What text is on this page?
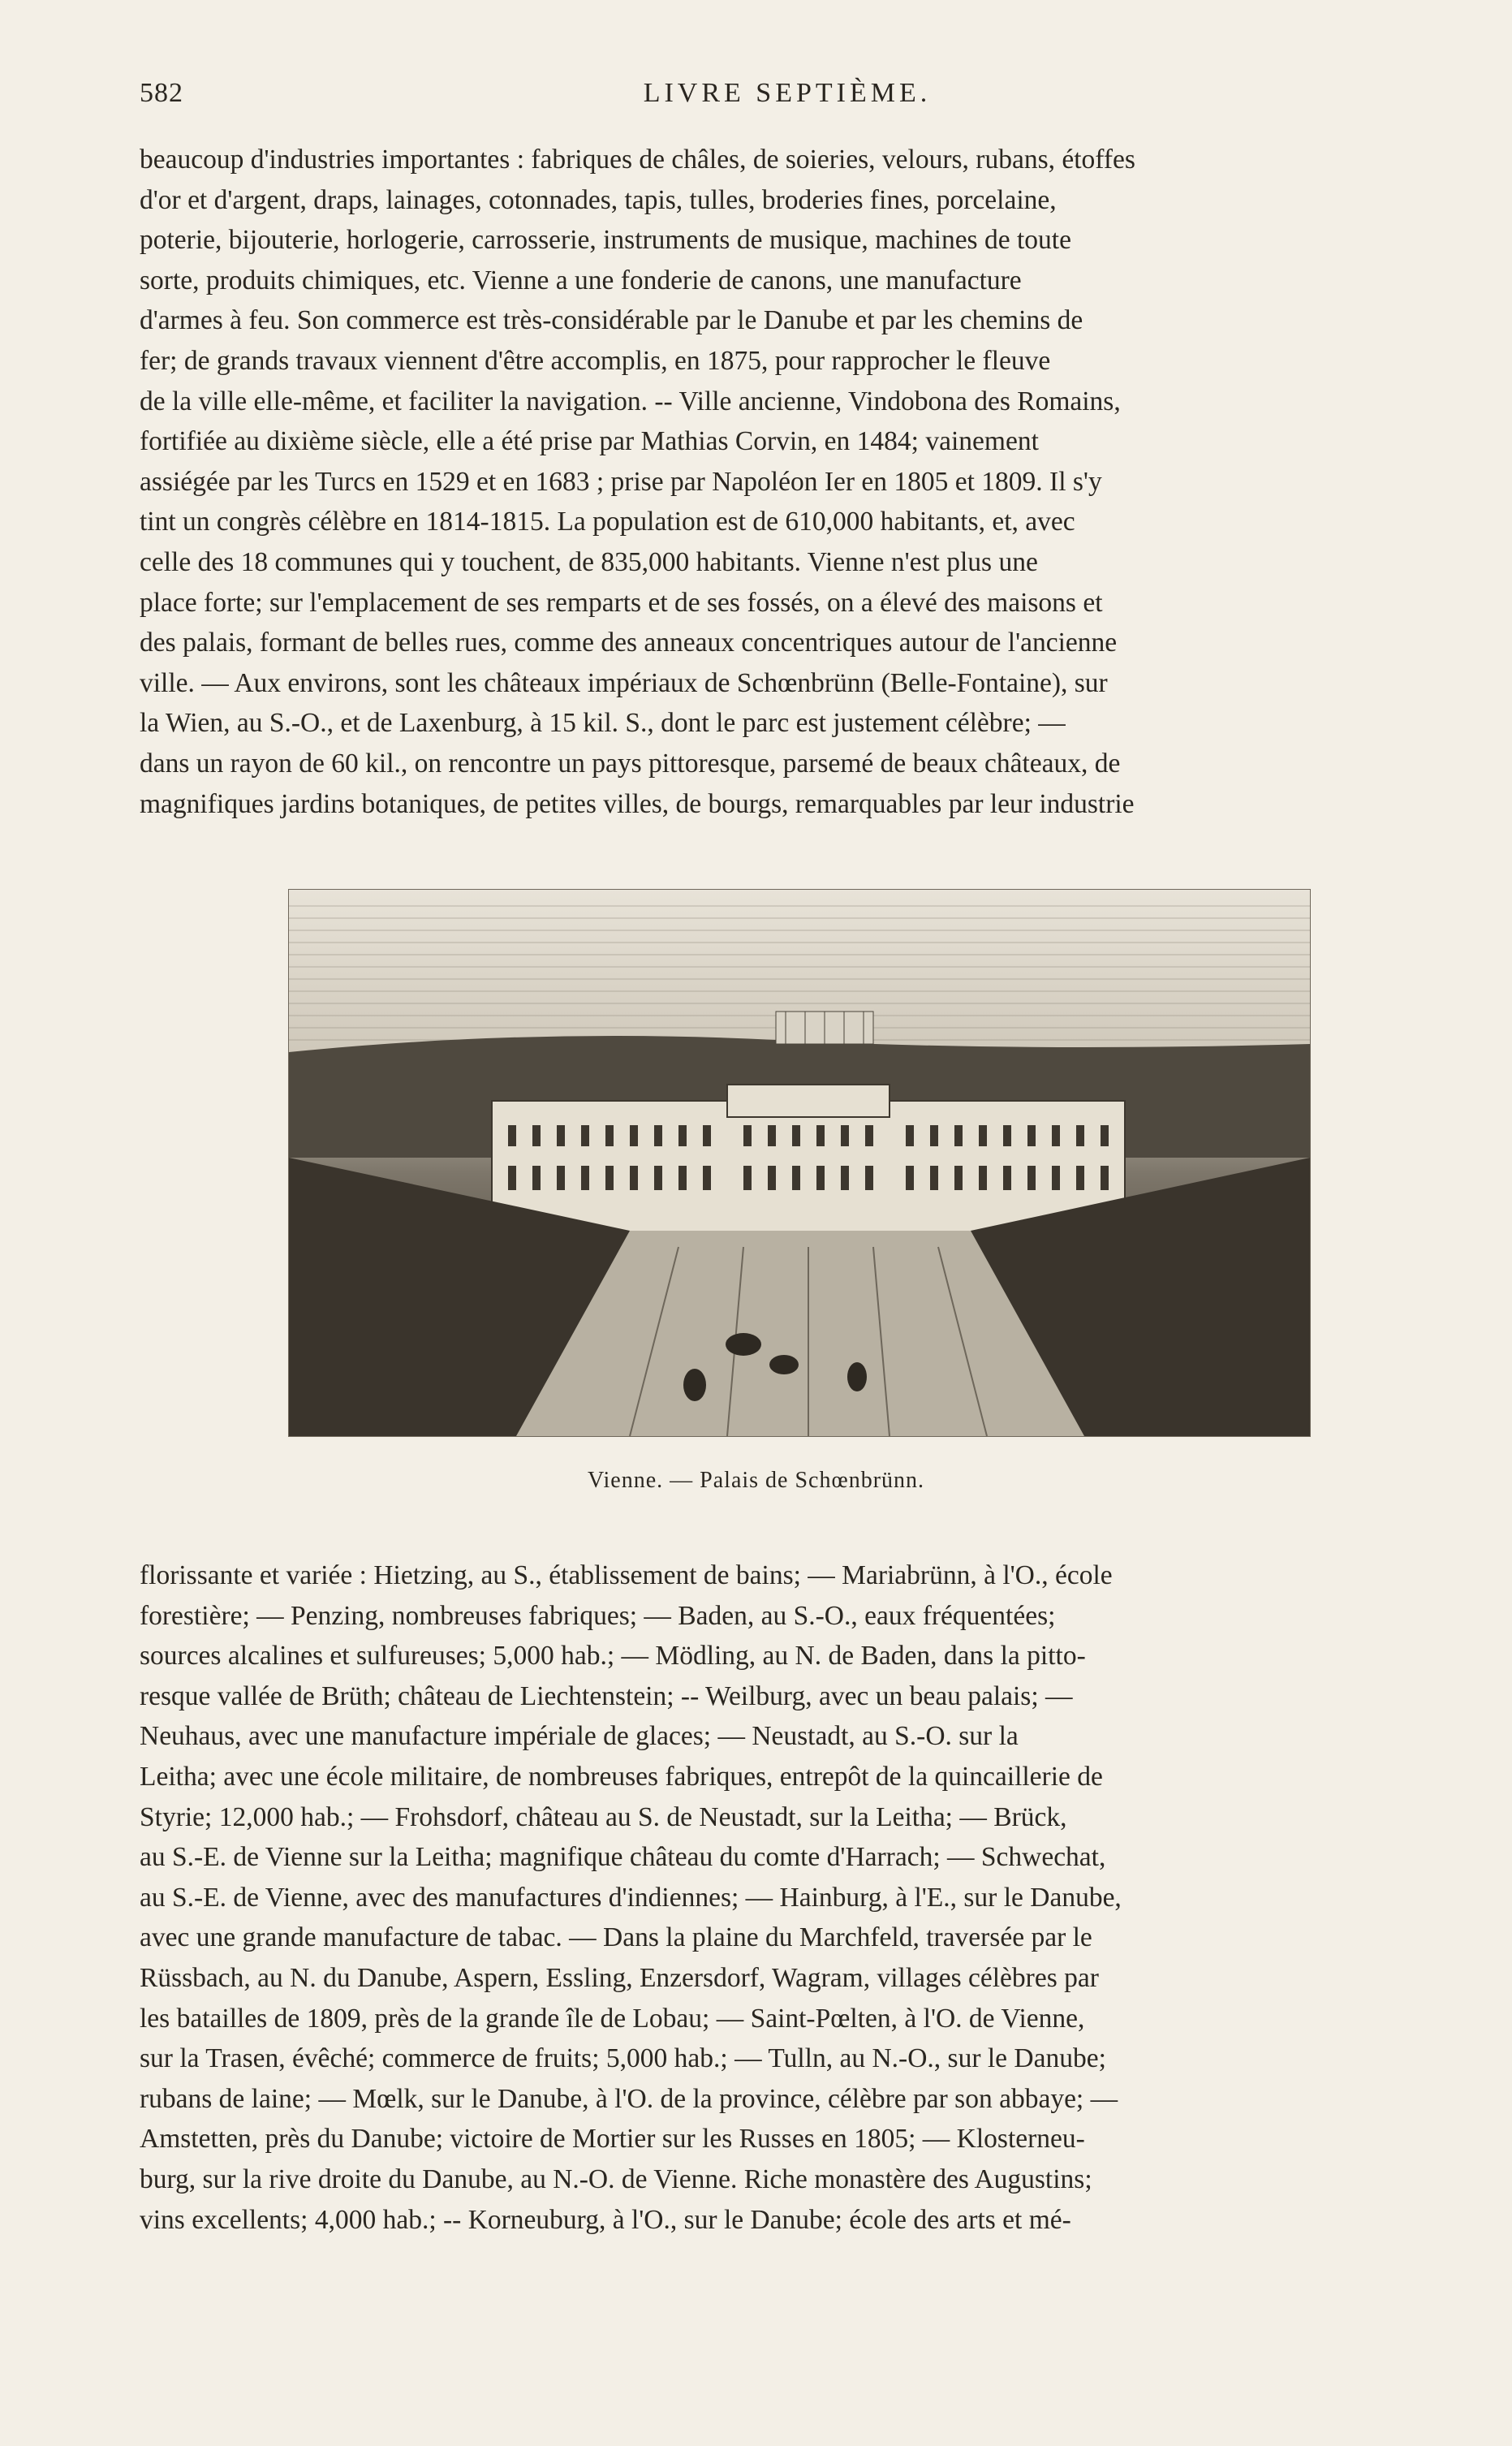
582	LIVRE SEPTIÈME.
beaucoup d'industries importantes : fabriques de châles, de soieries, velours, rubans, étoffes
d'or et d'argent, draps, lainages, cotonnades, tapis, tulles, broderies fines, porcelaine,
poterie, bijouterie, horlogerie, carrosserie, instruments de musique, machines de toute
sorte, produits chimiques, etc. Vienne a une fonderie de canons, une manufacture
d'armes à feu. Son commerce est très-considérable par le Danube et par les chemins de
fer; de grands travaux viennent d'être accomplis, en 1875, pour rapprocher le fleuve
de la ville elle-même, et faciliter la navigation. -- Ville ancienne, Vindobona des Romains,
fortifiée au dixième siècle, elle a été prise par Mathias Corvin, en 1484; vainement
assiégée par les Turcs en 1529 et en 1683 ; prise par Napoléon Ier en 1805 et 1809. Il s'y
tint un congrès célèbre en 1814-1815. La population est de 610,000 habitants, et, avec
celle des 18 communes qui y touchent, de 835,000 habitants. Vienne n'est plus une
place forte; sur l'emplacement de ses remparts et de ses fossés, on a élevé des maisons et
des palais, formant de belles rues, comme des anneaux concentriques autour de l'ancienne
ville. — Aux environs, sont les châteaux impériaux de Schœnbrünn (Belle-Fontaine), sur
la Wien, au S.-O., et de Laxenburg, à 15 kil. S., dont le parc est justement célèbre; —
dans un rayon de 60 kil., on rencontre un pays pittoresque, parsemé de beaux châteaux, de
magnifiques jardins botaniques, de petites villes, de bourgs, remarquables par leur industrie
Vienne. — Palais de Schœnbrünn.
florissante et variée : Hietzing, au S., établissement de bains; — Mariabrünn, à l'O., école
forestière; — Penzing, nombreuses fabriques; — Baden, au S.-O., eaux fréquentées;
sources alcalines et sulfureuses; 5,000 hab.; — Mödling, au N. de Baden, dans la pitto-
resque vallée de Brüth; château de Liechtenstein; -- Weilburg, avec un beau palais; —
Neuhaus, avec une manufacture impériale de glaces; — Neustadt, au S.-O. sur la
Leitha; avec une école militaire, de nombreuses fabriques, entrepôt de la quincaillerie de
Styrie; 12,000 hab.; — Frohsdorf, château au S. de Neustadt, sur la Leitha; — Brück,
au S.-E. de Vienne sur la Leitha; magnifique château du comte d'Harrach; — Schwechat,
au S.-E. de Vienne, avec des manufactures d'indiennes; — Hainburg, à l'E., sur le Danube,
avec une grande manufacture de tabac. — Dans la plaine du Marchfeld, traversée par le
Rüssbach, au N. du Danube, Aspern, Essling, Enzersdorf, Wagram, villages célèbres par
les batailles de 1809, près de la grande île de Lobau; — Saint-Pœlten, à l'O. de Vienne,
sur la Trasen, évêché; commerce de fruits; 5,000 hab.; — Tulln, au N.-O., sur le Danube;
rubans de laine; — Mœlk, sur le Danube, à l'O. de la province, célèbre par son abbaye; —
Amstetten, près du Danube; victoire de Mortier sur les Russes en 1805; — Klosterneu-
burg, sur la rive droite du Danube, au N.-O. de Vienne. Riche monastère des Augustins;
vins excellents; 4,000 hab.; -- Korneuburg, à l'O., sur le Danube; école des arts et mé-
